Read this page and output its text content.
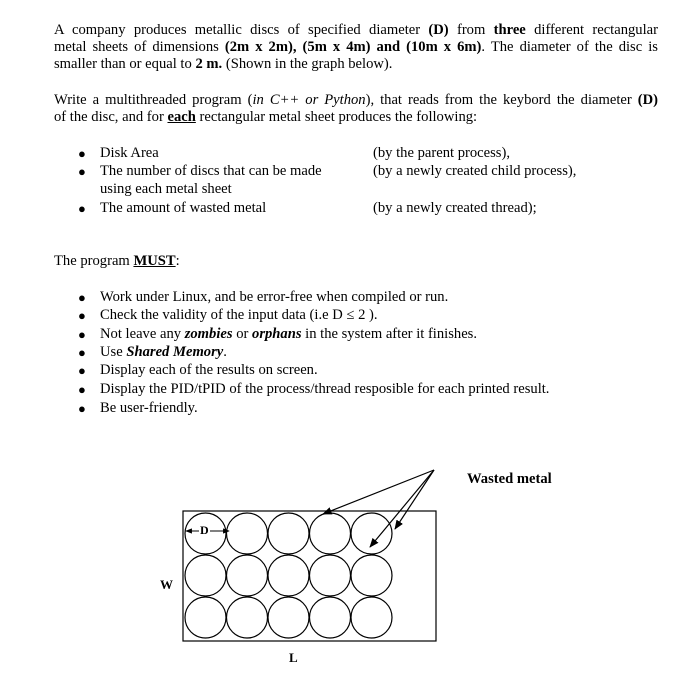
A company produces metallic discs of specified diameter (D) from three different rectangular
metal sheets of dimensions (2m x 2m), (5m x 4m) and (10m x 6m). The diameter of the disc is
smaller than or equal to 2 m. (Shown in the graph below).
Write a multithreaded program (in C++ or Python), that reads from the keybord the diameter (D)
of the disc, and for each rectangular metal sheet produces the following:
● Disk Area	(by the parent process),
● The number of discs that can be made	(by a newly created child process),
using each metal sheet
● The amount of wasted metal	(by a newly created thread);
The program MUST:
● Work under Linux, and be error-free when compiled or run.
● Check the validity of the input data (i.e D ≤ 2 ).
● Not leave any zombies or orphans in the system after it finishes.
● Use Shared Memory.
● Display each of the results on screen.
● Display the PID/tPID of the process/thread resposible for each printed result.
● Be user-friendly.
Wasted metal
D
W
L
